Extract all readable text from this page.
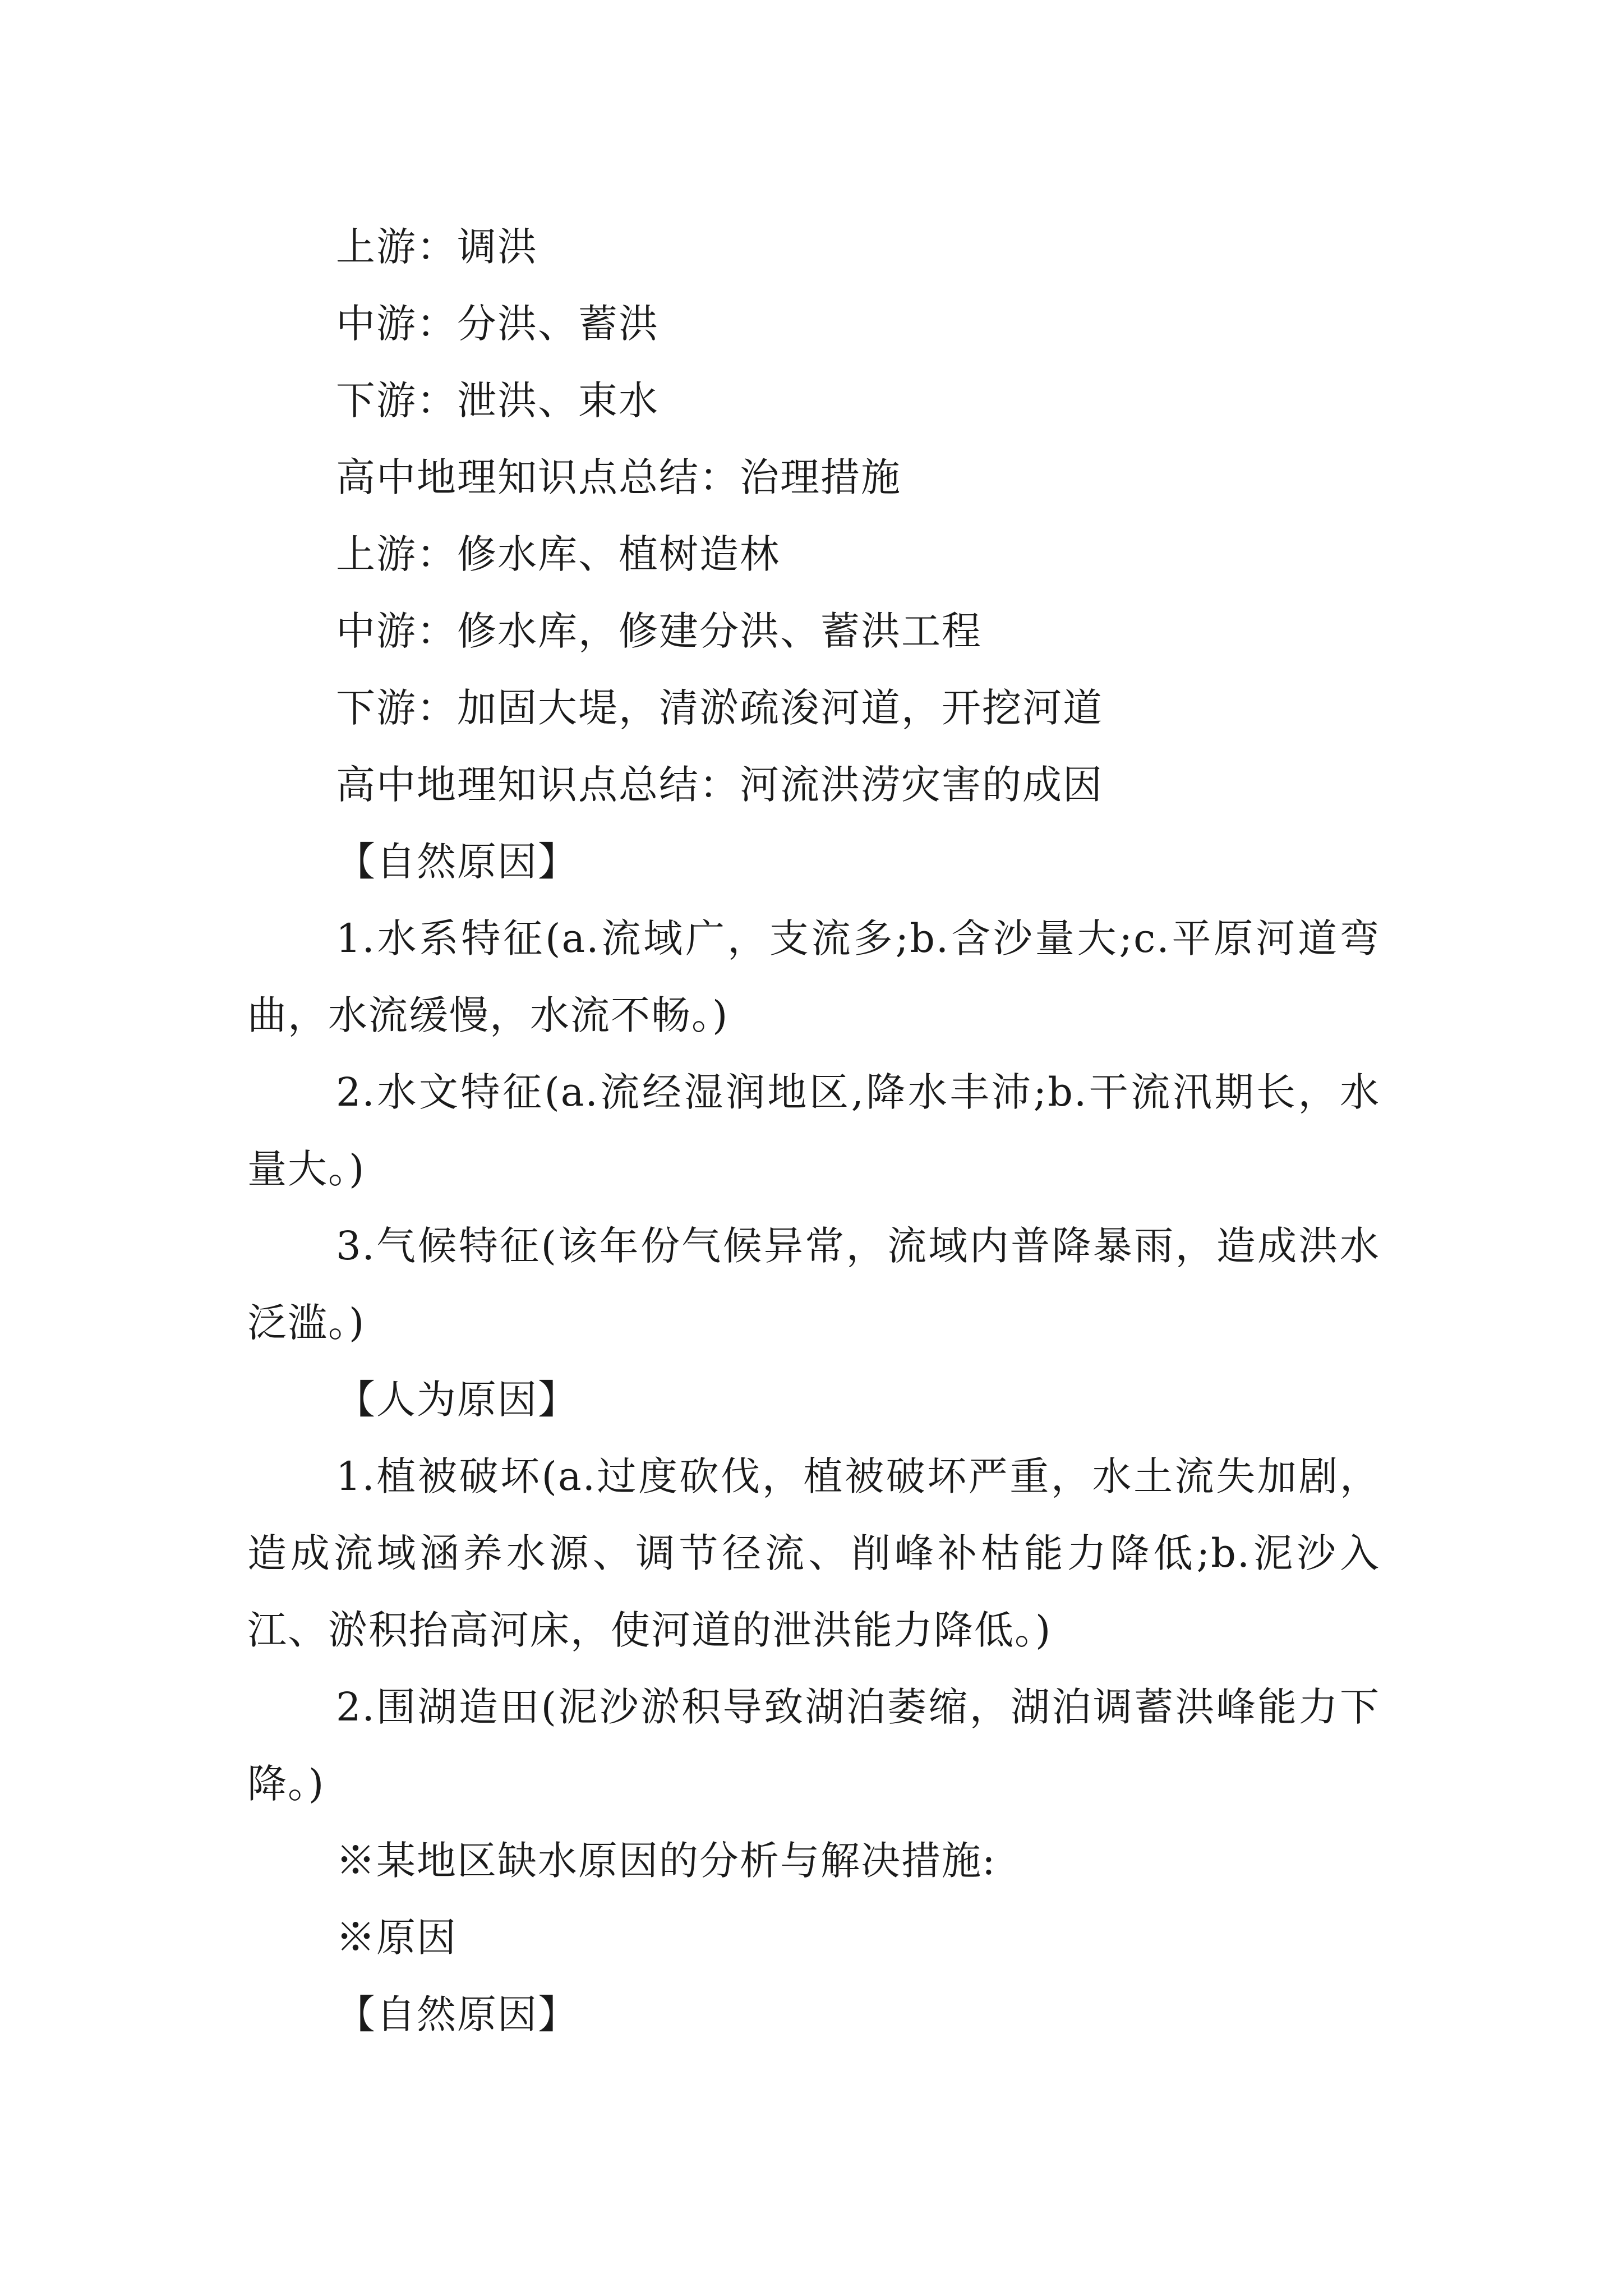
上游：调洪

中游：分洪、蓄洪

下游：泄洪、束水

高中地理知识点总结：治理措施

上游：修水库、植树造林

中游：修水库，修建分洪、蓄洪工程

下游：加固大堤，清淤疏浚河道，开挖河道

高中地理知识点总结：河流洪涝灾害的成因

【自然原因】

1.水系特征(a.流域广，支流多;b.含沙量大;c.平原河道弯曲，水流缓慢，水流不畅。)

2.水文特征(a.流经湿润地区,降水丰沛;b.干流汛期长，水量大。)

3.气候特征(该年份气候异常，流域内普降暴雨，造成洪水泛滥。)

【人为原因】

1.植被破坏(a.过度砍伐，植被破坏严重，水土流失加剧，造成流域涵养水源、调节径流、削峰补枯能力降低;b.泥沙入江、淤积抬高河床，使河道的泄洪能力降低。)

2.围湖造田(泥沙淤积导致湖泊萎缩，湖泊调蓄洪峰能力下降。)

※某地区缺水原因的分析与解决措施:

※原因

【自然原因】
